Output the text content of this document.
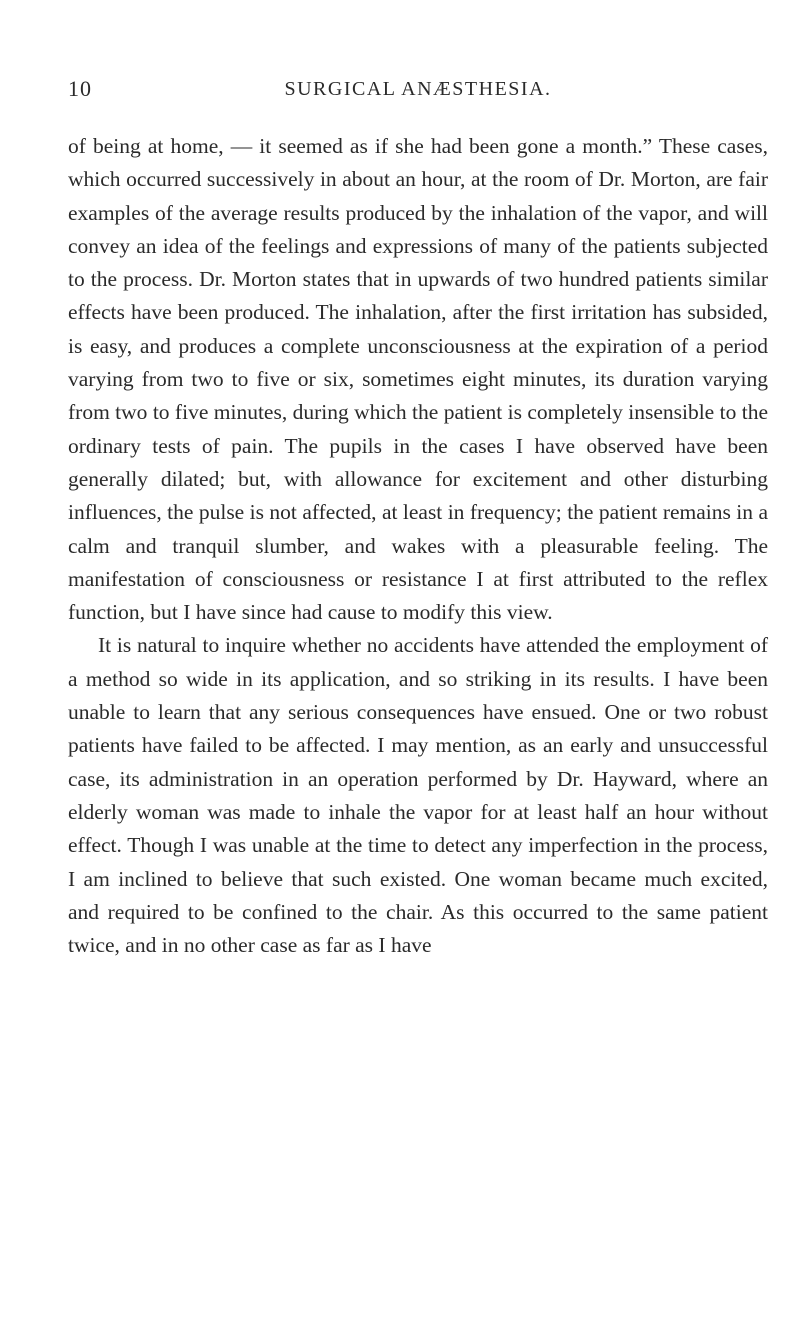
10	SURGICAL ANÆSTHESIA.

of being at home, — it seemed as if she had been gone a month.” These cases, which occurred successively in about an hour, at the room of Dr. Morton, are fair examples of the average results produced by the inhalation of the vapor, and will convey an idea of the feelings and expressions of many of the patients subjected to the process. Dr. Morton states that in upwards of two hundred patients similar effects have been produced. The inhalation, after the first irritation has subsided, is easy, and produces a complete unconsciousness at the expiration of a period varying from two to five or six, sometimes eight minutes, its duration varying from two to five minutes, during which the patient is completely insensible to the ordinary tests of pain. The pupils in the cases I have observed have been generally dilated; but, with allowance for excitement and other disturbing influences, the pulse is not affected, at least in frequency; the patient remains in a calm and tranquil slumber, and wakes with a pleasurable feeling. The manifestation of consciousness or resistance I at first attributed to the reflex function, but I have since had cause to modify this view.

It is natural to inquire whether no accidents have attended the employment of a method so wide in its application, and so striking in its results. I have been unable to learn that any serious consequences have ensued. One or two robust patients have failed to be affected. I may mention, as an early and unsuccessful case, its administration in an operation performed by Dr. Hayward, where an elderly woman was made to inhale the vapor for at least half an hour without effect. Though I was unable at the time to detect any imperfection in the process, I am inclined to believe that such existed. One woman became much excited, and required to be confined to the chair. As this occurred to the same patient twice, and in no other case as far as I have
